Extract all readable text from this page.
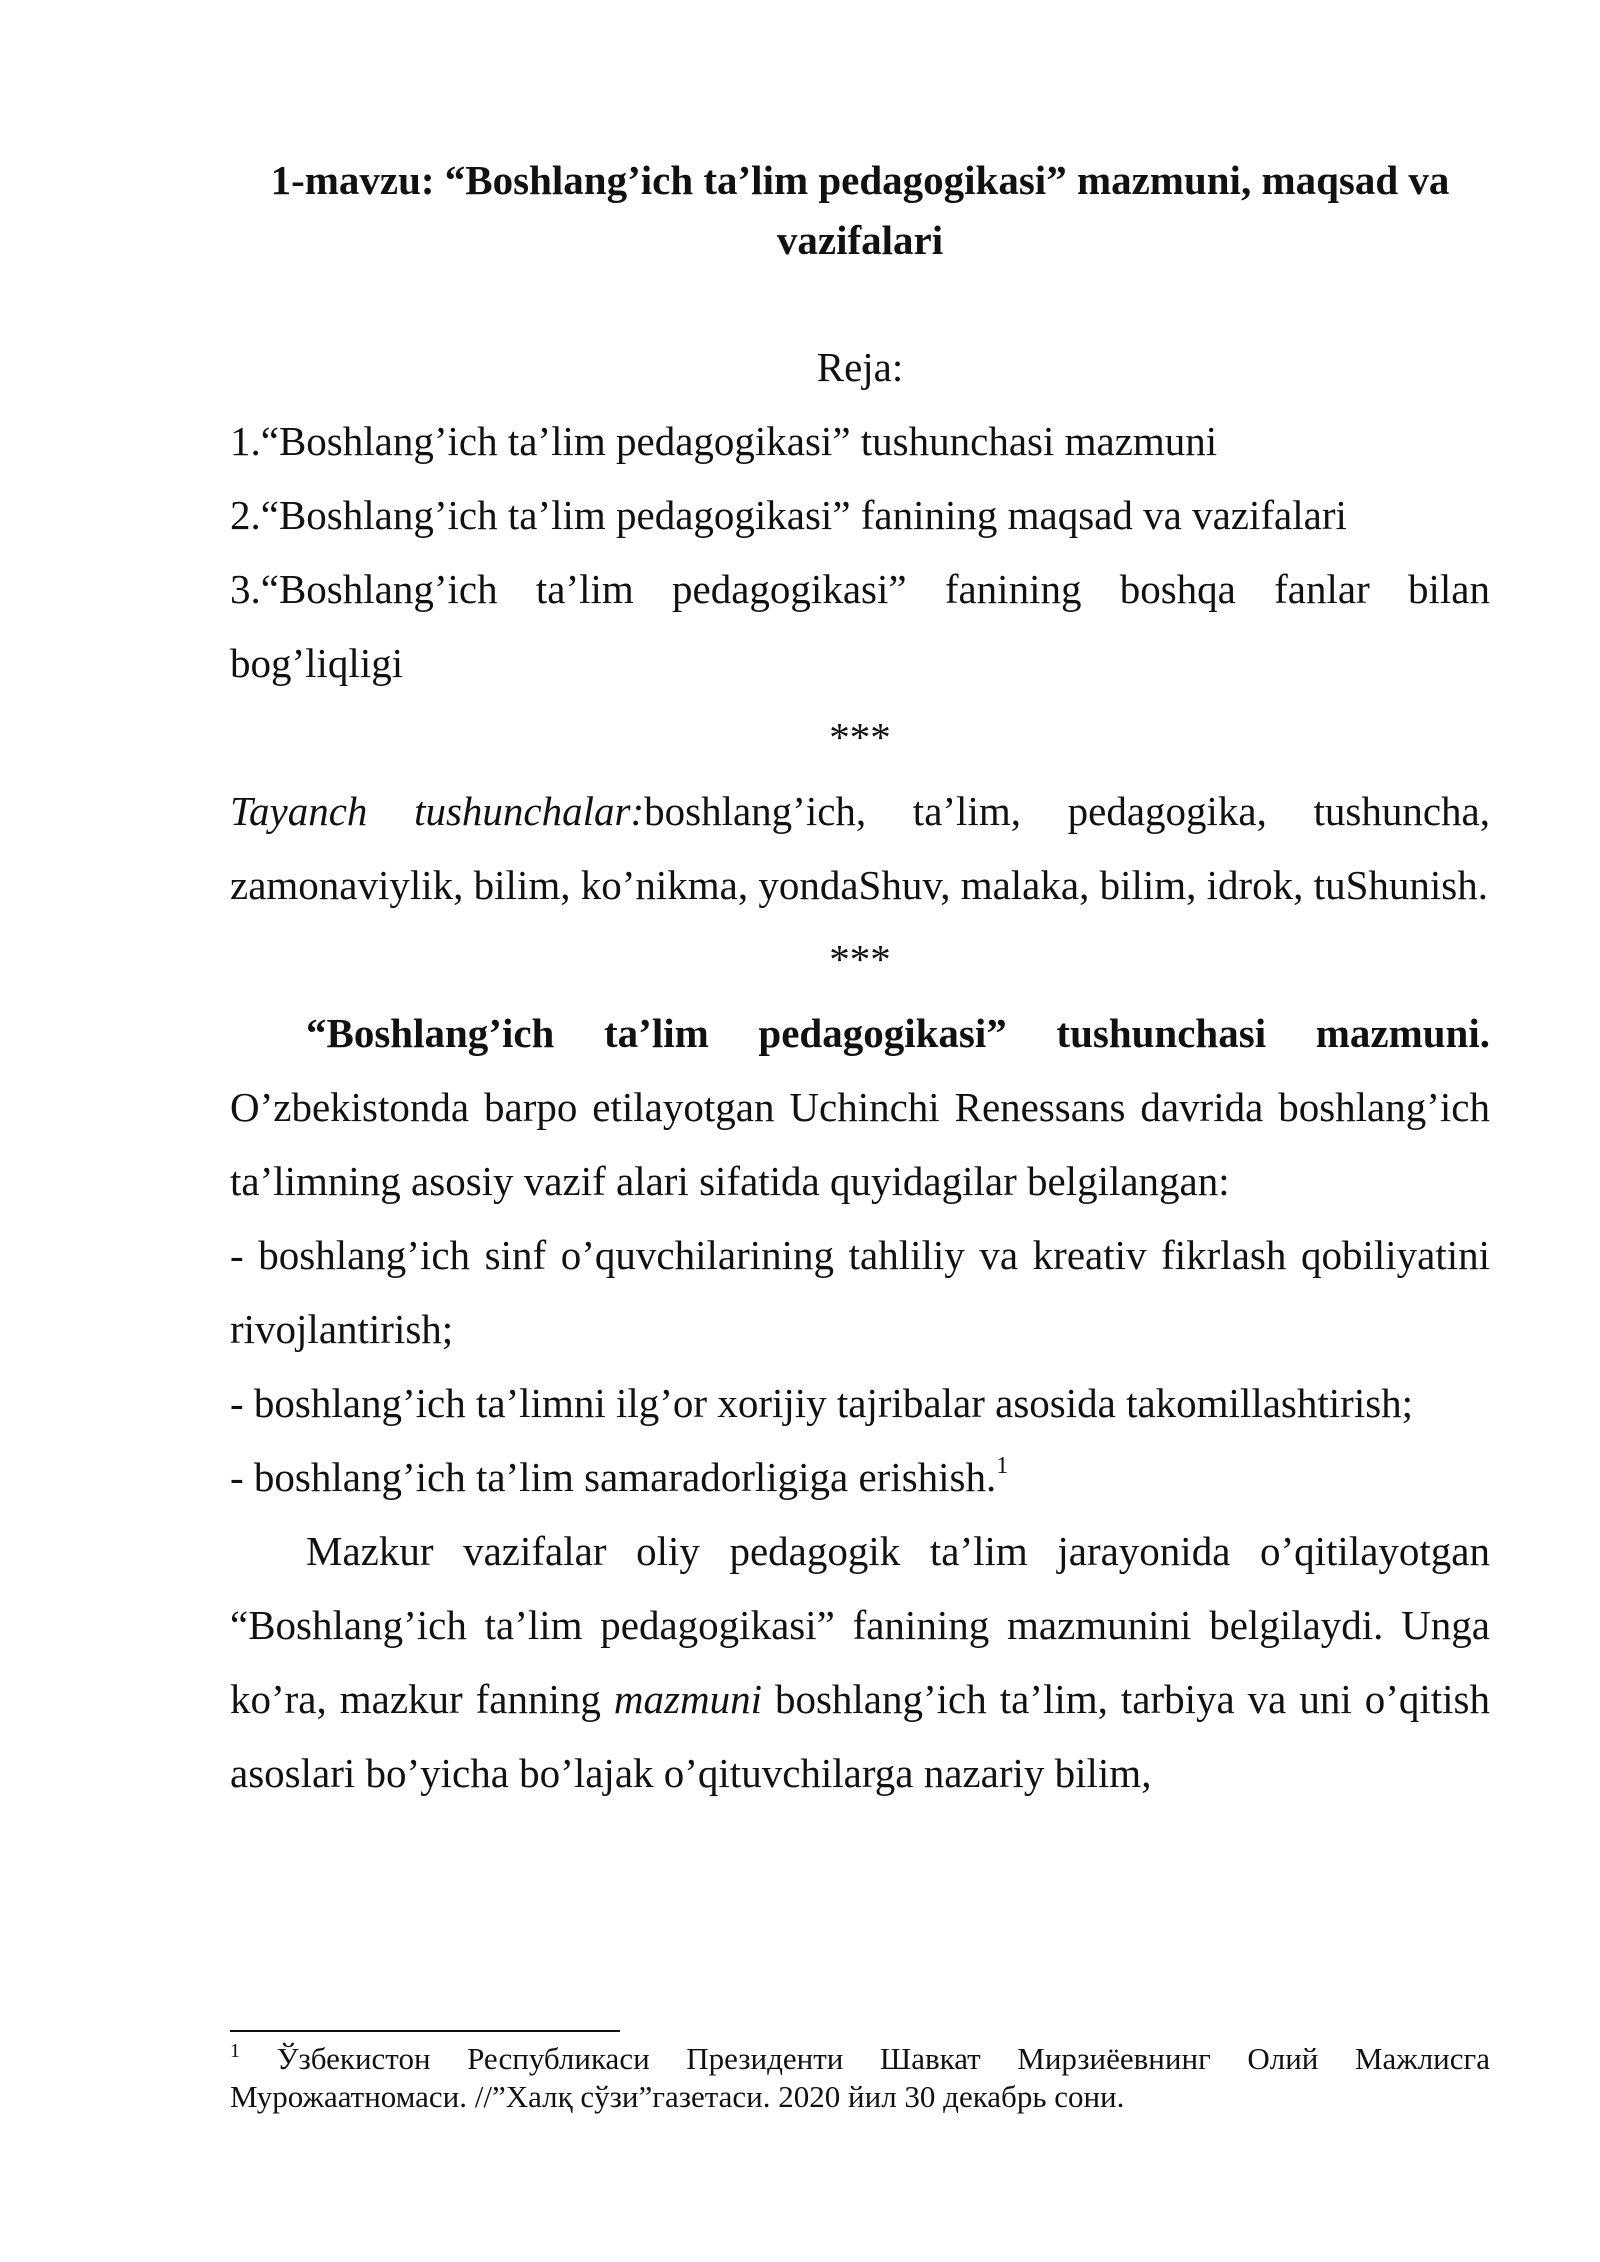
1-mavzu: “Boshlang’ich ta’lim pedagogikasi” mazmuni, maqsad va vazifalari
Reja:
1.“Boshlang’ich ta’lim pedagogikasi” tushunchasi mazmuni
2.“Boshlang’ich ta’lim pedagogikasi” fanining maqsad va vazifalari
3.“Boshlang’ich ta’lim pedagogikasi” fanining boshqa fanlar bilan bog’liqligi
***

Tayanch tushunchalar:boshlang’ich, ta’lim, pedagogika, tushuncha, zamonaviylik, bilim, ko’nikma, yondaShuv, malaka, bilim, idrok, tuShunish.

***

“Boshlang’ich ta’lim pedagogikasi” tushunchasi mazmuni. O’zbekistonda barpo etilayotgan Uchinchi Renessans davrida boshlang’ich ta’limning asosiy vazif alari sifatida quyidagilar belgilangan:

- boshlang’ich sinf o’quvchilarining tahliliy va kreativ fikrlash qobiliyatini rivojlantirish;

- boshlang’ich ta’limni ilg’or xorijiy tajribalar asosida takomillashtirish;

- boshlang’ich ta’lim samaradorligiga erishish.$^1$

Mazkur vazifalar oliy pedagogik ta’lim jarayonida o’qitilayotgan “Boshlang’ich ta’lim pedagogikasi” fanining mazmunini belgilaydi. Unga ko’ra, mazkur fanning mazmuni boshlang’ich ta’lim, tarbiya va uni o’qitish asoslari bo’yicha bo’lajak o’qituvchilarga nazariy bilim,

$^1$ Ўзбекистон Республикаси Президенти Шавкат Мирзиёевнинг Олий Мажлисга Мурожаатномаси. //”Халқ сўзи”газетаси. 2020 йил 30 декабрь сони.
